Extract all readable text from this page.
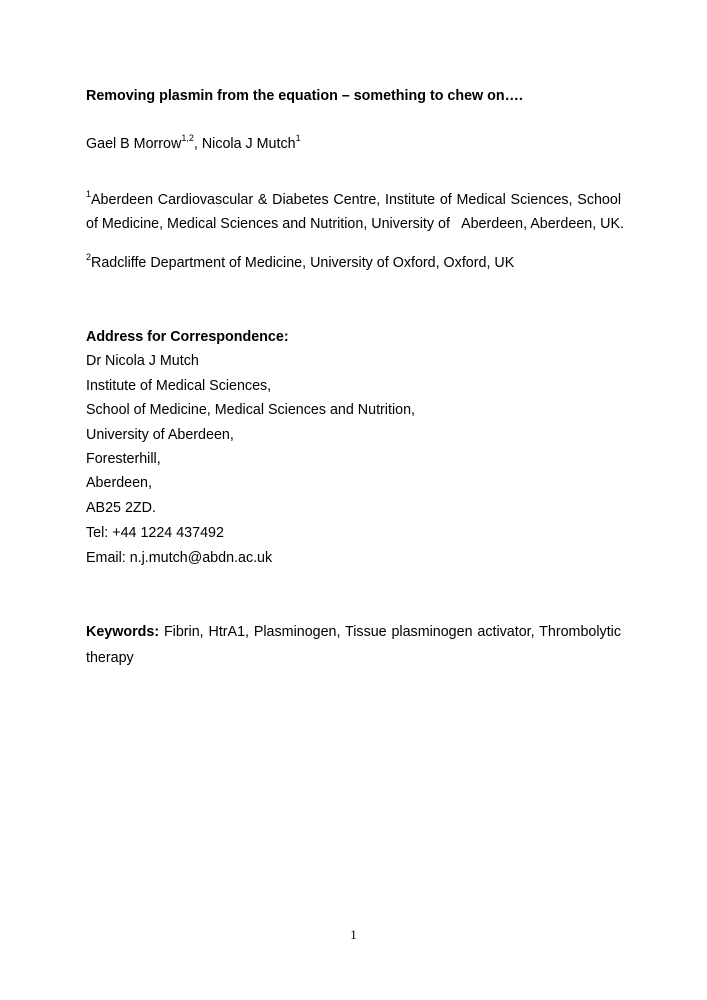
Removing plasmin from the equation – something to chew on….
Gael B Morrow$^{1,2}$, Nicola J Mutch$^1$
$^1$Aberdeen Cardiovascular & Diabetes Centre, Institute of Medical Sciences, School
of Medicine, Medical Sciences and Nutrition, University of   Aberdeen, Aberdeen, UK.
$^2$Radcliffe Department of Medicine, University of Oxford, Oxford, UK
Address for Correspondence:
Dr Nicola J Mutch
Institute of Medical Sciences,
School of Medicine, Medical Sciences and Nutrition,
University of Aberdeen,
Foresterhill,
Aberdeen,
AB25 2ZD.
Tel: +44 1224 437492
Email: n.j.mutch@abdn.ac.uk
Keywords: Fibrin, HtrA1, Plasminogen, Tissue plasminogen activator, Thrombolytic
therapy
1
